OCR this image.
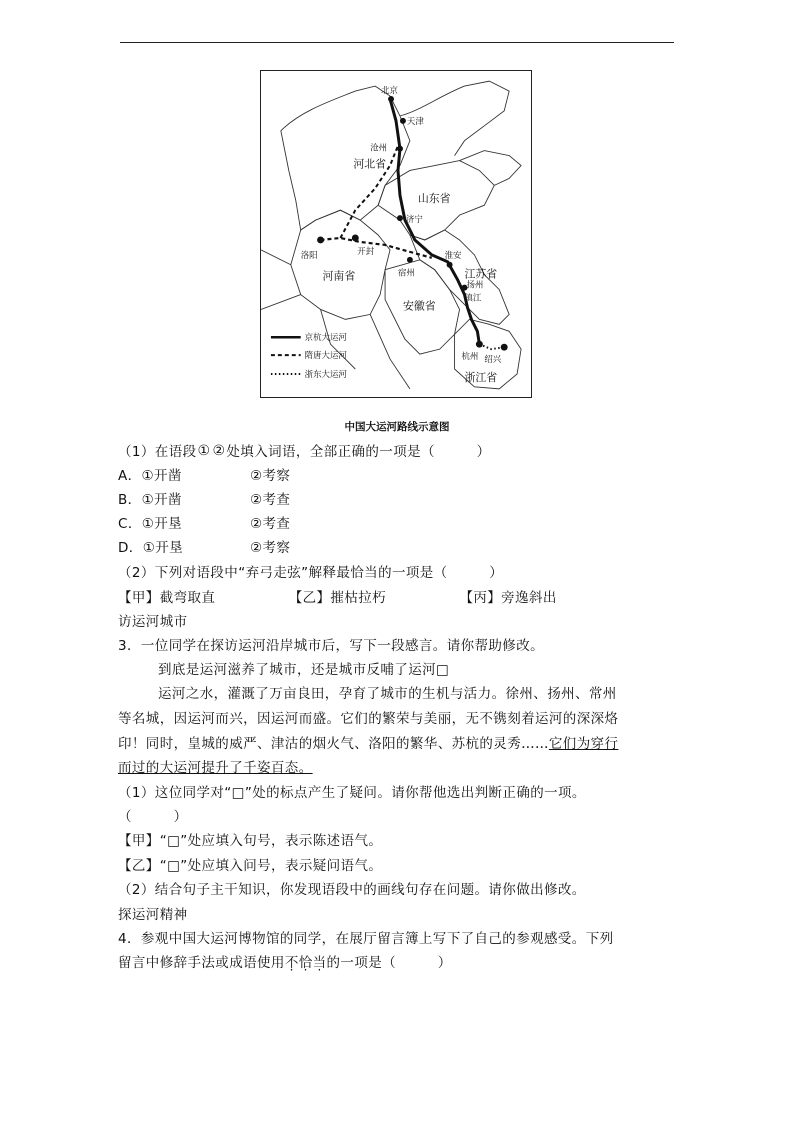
北京
天津
沧州
济宁
洛阳	开封
宿州
淮安
扬州
镇江
杭州 绍兴
河北省
山东省
河南省	江苏省
安徽省
浙江省
京杭大运河
隋唐大运河
浙东大运河
中国大运河路线示意图
（1）在语段① ②处填入词语，全部正确的一项是（　　　）
A．①开凿	②考察
B．①开凿	②考查
C．①开垦	②考查
D．①开垦	②考察
（2）下列对语段中“弃弓走弦”解释最恰当的一项是（　　　）
【甲】截弯取直	【乙】摧枯拉朽	【丙】旁逸斜出
访运河城市
3．一位同学在探访运河沿岸城市后，写下一段感言。请你帮助修改。
到底是运河滋养了城市，还是城市反哺了运河□
运河之水，灌溉了万亩良田，孕育了城市的生机与活力。徐州、扬州、常州
等名城，因运河而兴，因运河而盛。它们的繁荣与美丽，无不镌刻着运河的深深烙
印！同时，皇城的威严、津沽的烟火气、洛阳的繁华、苏杭的灵秀……它们为穿行
而过的大运河提升了千姿百态。
（1）这位同学对“□”处的标点产生了疑问。请你帮他选出判断正确的一项。
（　　　）
【甲】“□”处应填入句号，表示陈述语气。
【乙】“□”处应填入问号，表示疑问语气。
（2）结合句子主干知识，你发现语段中的画线句存在问题。请你做出修改。
探运河精神
4．参观中国大运河博物馆的同学，在展厅留言簿上写下了自己的参观感受。下列
留言中修辞手法或成语使用不恰当的一项是（　　　）
